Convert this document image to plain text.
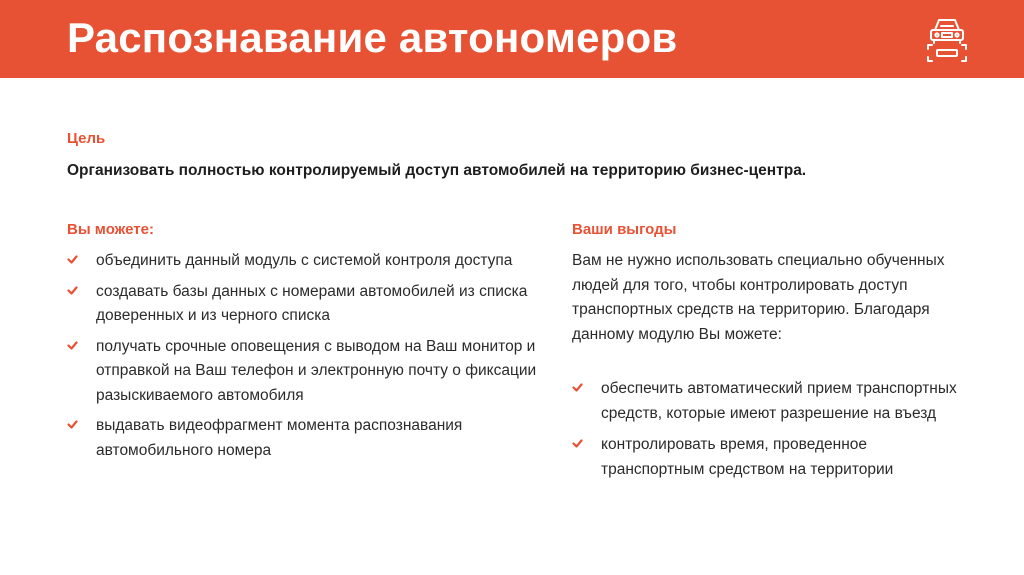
Распознавание автономеров
Цель
Организовать полностью контролируемый доступ автомобилей на территорию бизнес-центра.
Вы можете:
объединить данный модуль с системой контроля доступа
создавать базы данных с номерами автомобилей из списка доверенных и из черного списка
получать срочные оповещения с выводом на Ваш монитор и отправкой на Ваш телефон и электронную почту о фиксации разыскиваемого автомобиля
выдавать видеофрагмент момента распознавания автомобильного номера
Ваши выгоды

Вам не нужно использовать специально обученных людей для того, чтобы контролировать доступ транспортных средств на территорию. Благодаря данному модулю Вы можете:

обеспечить автоматический прием транспортных средств, которые имеют разрешение на въезд
контролировать время, проведенное транспортным средством на территории
